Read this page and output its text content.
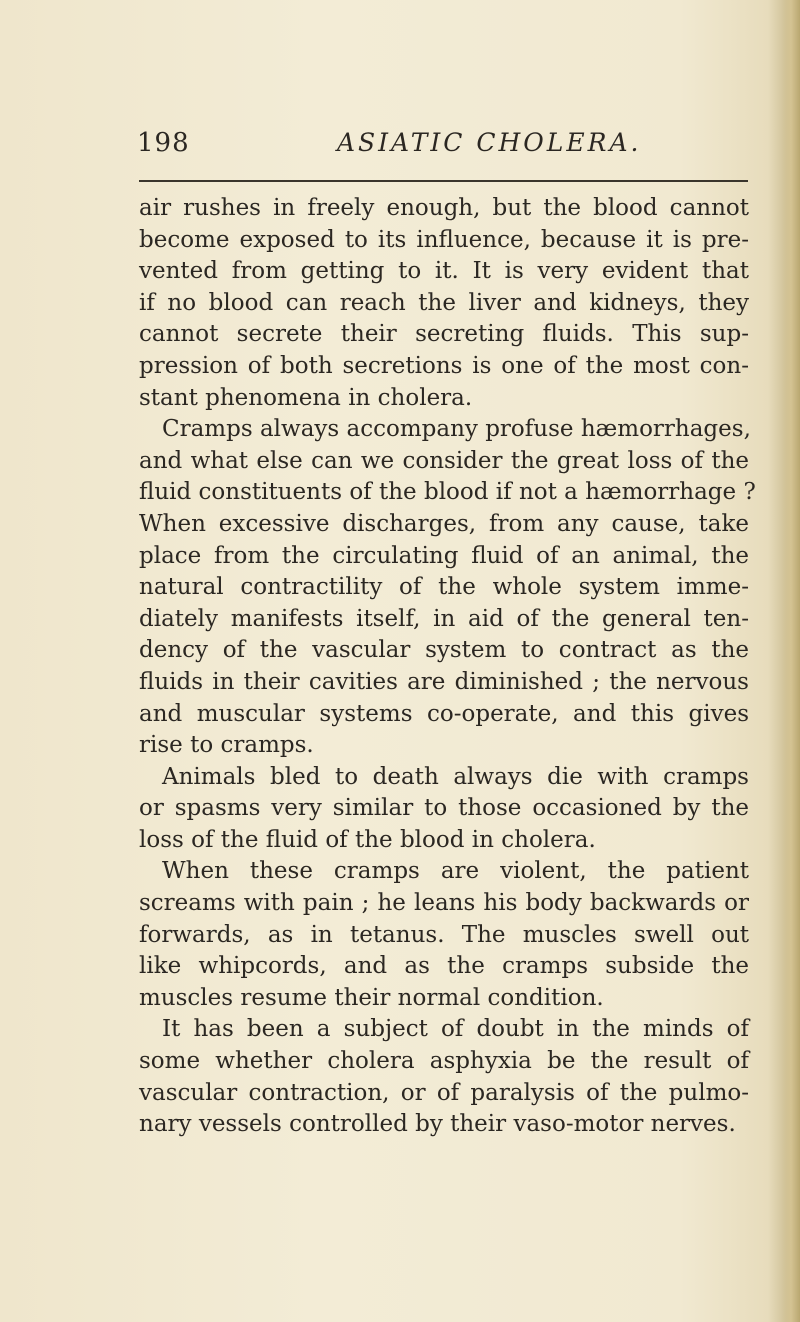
198	ASIATIC CHOLERA.
air rushes in freely enough, but the blood cannot
become exposed to its influence, because it is pre-
vented from getting to it. It is very evident that
if no blood can reach the liver and kidneys, they
cannot secrete their secreting fluids. This sup-
pression of both secretions is one of the most con-
stant phenomena in cholera.
Cramps always accompany profuse hæmorrhages,
and what else can we consider the great loss of the
fluid constituents of the blood if not a hæmorrhage ?
When excessive discharges, from any cause, take
place from the circulating fluid of an animal, the
natural contractility of the whole system imme-
diately manifests itself, in aid of the general ten-
dency of the vascular system to contract as the
fluids in their cavities are diminished ; the nervous
and muscular systems co-operate, and this gives
rise to cramps.
Animals bled to death always die with cramps
or spasms very similar to those occasioned by the
loss of the fluid of the blood in cholera.
When these cramps are violent, the patient
screams with pain ; he leans his body backwards or
forwards, as in tetanus. The muscles swell out
like whipcords, and as the cramps subside the
muscles resume their normal condition.
It has been a subject of doubt in the minds of
some whether cholera asphyxia be the result of
vascular contraction, or of paralysis of the pulmo-
nary vessels controlled by their vaso-motor nerves.
